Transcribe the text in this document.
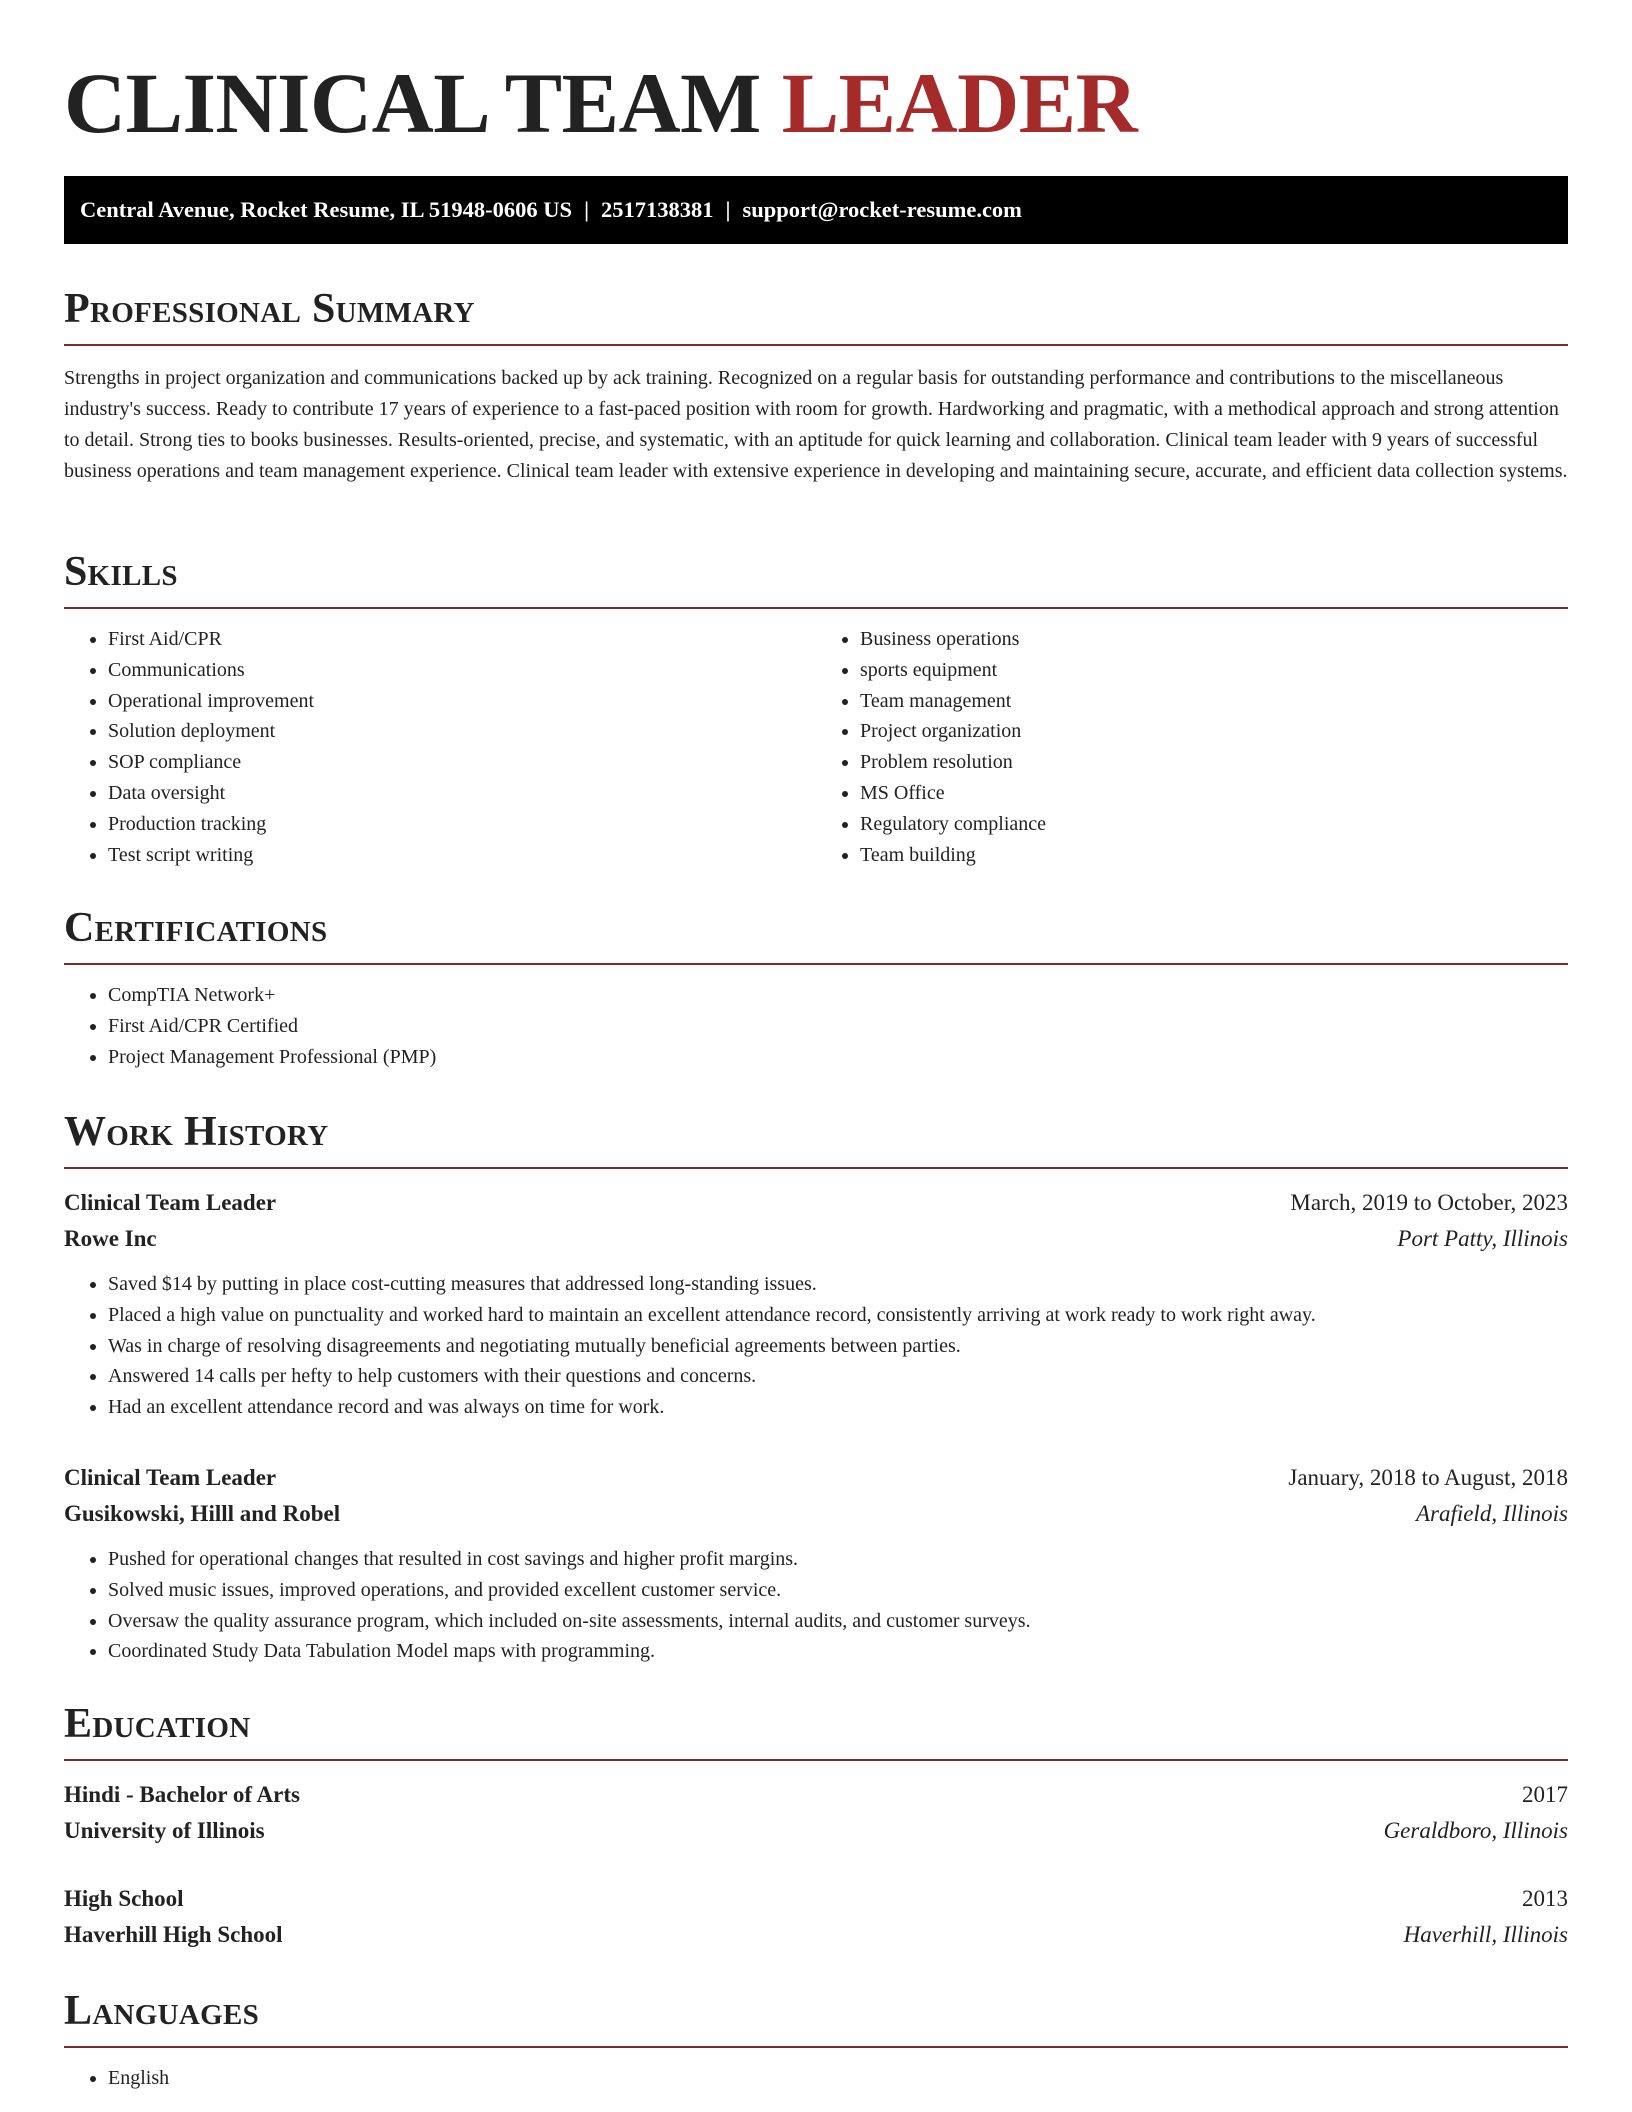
CLINICAL TEAM LEADER
Central Avenue, Rocket Resume, IL 51948-0606 US | 2517138381 | support@rocket-resume.com
Professional Summary

Strengths in project organization and communications backed up by ack training. Recognized on a regular basis for outstanding performance and contributions to the miscellaneous industry's success. Ready to contribute 17 years of experience to a fast-paced position with room for growth. Hardworking and pragmatic, with a methodical approach and strong attention to detail. Strong ties to books businesses. Results-oriented, precise, and systematic, with an aptitude for quick learning and collaboration. Clinical team leader with 9 years of successful business operations and team management experience. Clinical team leader with extensive experience in developing and maintaining secure, accurate, and efficient data collection systems.

Skills
• First Aid/CPR
• Communications
• Operational improvement
• Solution deployment
• SOP compliance
• Data oversight
• Production tracking
• Test script writing
• Business operations
• sports equipment
• Team management
• Project organization
• Problem resolution
• MS Office
• Regulatory compliance
• Team building
Certifications
• CompTIA Network+
• First Aid/CPR Certified
• Project Management Professional (PMP)
Work History
Clinical Team Leader	March, 2019 to October, 2023
Rowe Inc	Port Patty, Illinois
• Saved $14 by putting in place cost-cutting measures that addressed long-standing issues.
• Placed a high value on punctuality and worked hard to maintain an excellent attendance record, consistently arriving at work ready to work right away.
• Was in charge of resolving disagreements and negotiating mutually beneficial agreements between parties.
• Answered 14 calls per hefty to help customers with their questions and concerns.
• Had an excellent attendance record and was always on time for work.
Clinical Team Leader	January, 2018 to August, 2018
Gusikowski, Hilll and Robel	Arafield, Illinois
• Pushed for operational changes that resulted in cost savings and higher profit margins.
• Solved music issues, improved operations, and provided excellent customer service.
• Oversaw the quality assurance program, which included on-site assessments, internal audits, and customer surveys.
• Coordinated Study Data Tabulation Model maps with programming.
Education
Hindi - Bachelor of Arts	2017
University of Illinois	Geraldboro, Illinois
High School	2013
Haverhill High School	Haverhill, Illinois
Languages
• English
